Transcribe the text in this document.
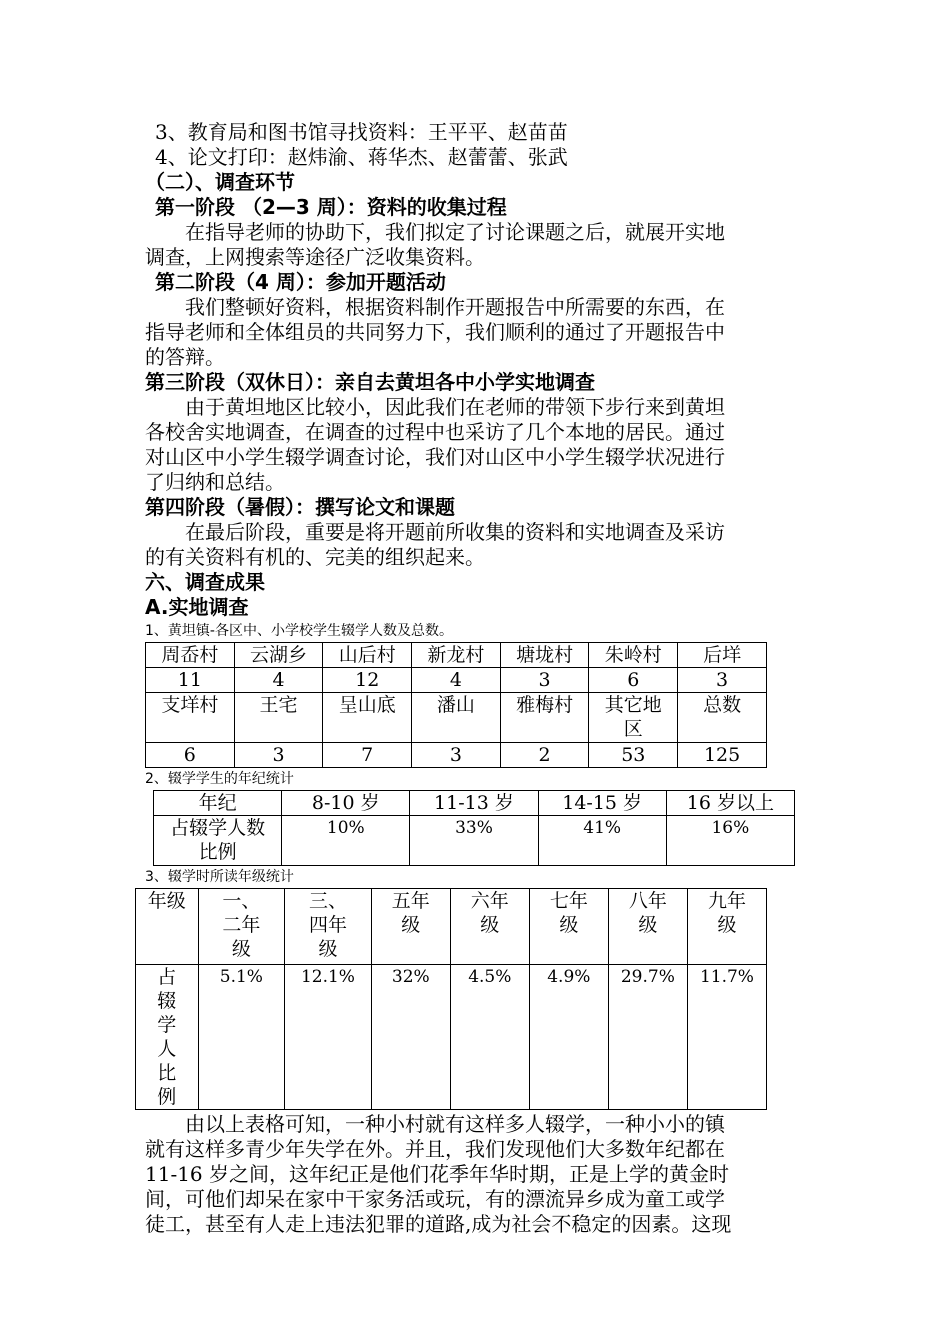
3、教育局和图书馆寻找资料：王平平、赵苗苗

4、论文打印：赵炜渝、蒋华杰、赵蕾蕾、张武

（二）、调查环节

第一阶段 （2—3 周）：资料的收集过程

在指导老师的协助下，我们拟定了讨论课题之后，就展开实地

调查，上网搜索等途径广泛收集资料。

第二阶段（4 周）：参加开题活动

我们整顿好资料，根据资料制作开题报告中所需要的东西，在

指导老师和全体组员的共同努力下，我们顺利的通过了开题报告中

的答辩。

第三阶段（双休日）：亲自去黄坦各中小学实地调查

由于黄坦地区比较小，因此我们在老师的带领下步行来到黄坦

各校舍实地调查，在调查的过程中也采访了几个本地的居民。通过

对山区中小学生辍学调查讨论，我们对山区中小学生辍学状况进行

了归纳和总结。

第四阶段（暑假）：撰写论文和课题

在最后阶段，重要是将开题前所收集的资料和实地调查及采访

的有关资料有机的、完美的组织起来。

六、调查成果

A.实地调查

1、黄坦镇-各区中、小学校学生辍学人数及总数。

周岙村	云湖乡	山后村	新龙村	塘垅村	朱岭村	后垟
11	4	12	4	3	6	3
支垟村	王宅	呈山底	潘山	雅梅村	其它地区	总数
6	3	7	3	2	53	125

2、辍学学生的年纪统计

年纪	8-10 岁	11-13 岁	14-15 岁	16 岁以上

占辍学人数比例	10%	33%	41%	16%

3、辍学时所读年级统计

年级	一、二年级	三、四年级	五年级	六年级	七年级	八年级	九年级

占辍学人比例	5.1%	12.1%	32%	4.5%	4.9%	29.7%	11.7%

由以上表格可知，一种小村就有这样多人辍学，一种小小的镇

就有这样多青少年失学在外。并且，我们发现他们大多数年纪都在

11-16 岁之间，这年纪正是他们花季年华时期，正是上学的黄金时

间，可他们却呆在家中干家务活或玩，有的漂流异乡成为童工或学

徒工，甚至有人走上违法犯罪的道路,成为社会不稳定的因素。这现
